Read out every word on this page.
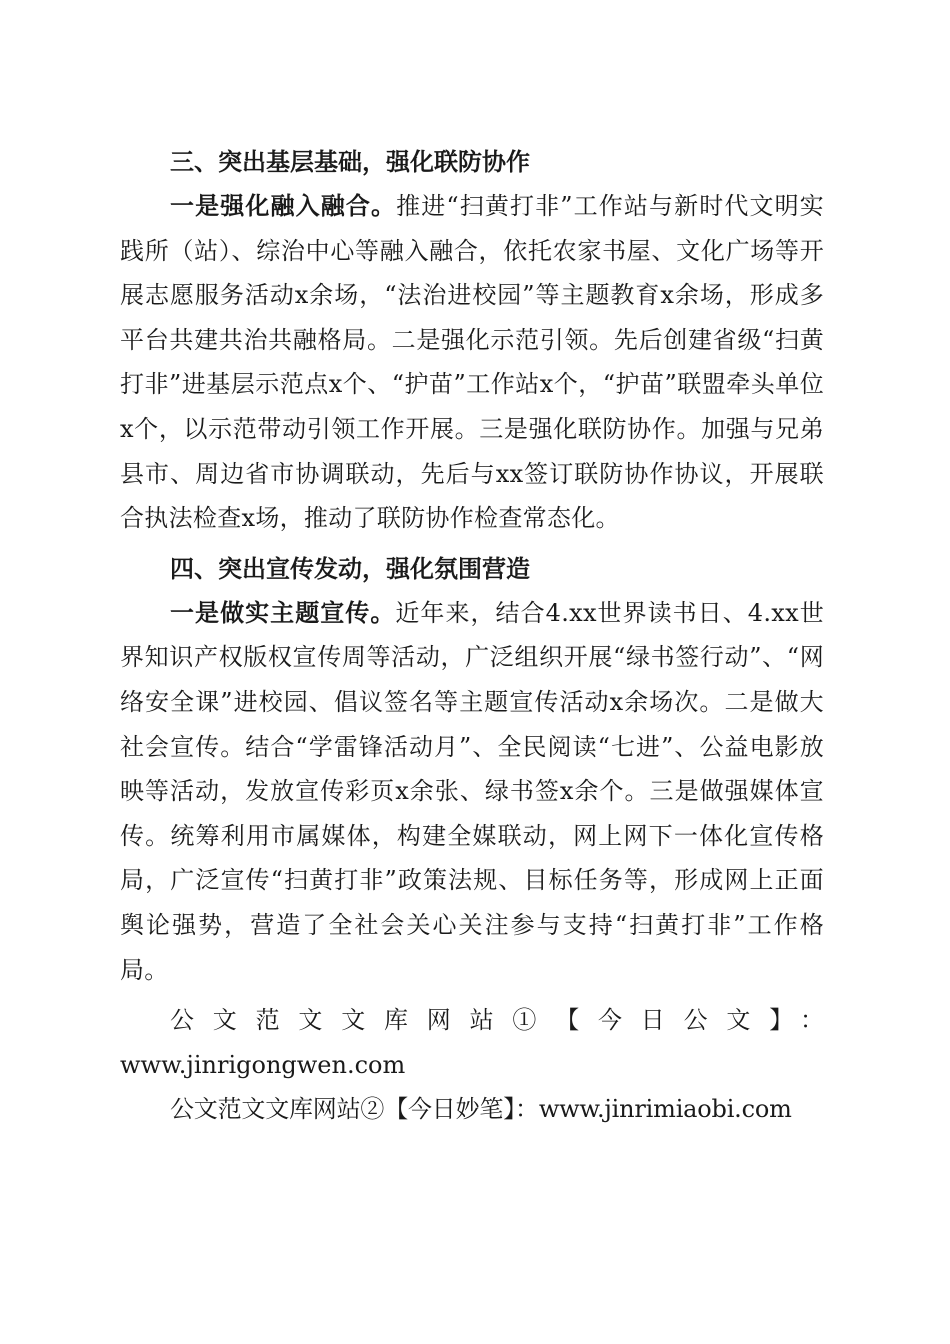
三、突出基层基础，强化联防协作

一是强化融入融合。推进“扫黄打非”工作站与新时代文明实践所（站）、综治中心等融入融合，依托农家书屋、文化广场等开展志愿服务活动x余场，“法治进校园”等主题教育x余场，形成多平台共建共治共融格局。二是强化示范引领。先后创建省级“扫黄打非”进基层示范点x个、“护苗”工作站x个，“护苗”联盟牵头单位x个，以示范带动引领工作开展。三是强化联防协作。加强与兄弟县市、周边省市协调联动，先后与xx签订联防协作协议，开展联合执法检查x场，推动了联防协作检查常态化。

四、突出宣传发动，强化氛围营造

一是做实主题宣传。近年来，结合4.xx世界读书日、4.xx世界知识产权版权宣传周等活动，广泛组织开展“绿书签行动”、“网络安全课”进校园、倡议签名等主题宣传活动x余场次。二是做大社会宣传。结合“学雷锋活动月”、全民阅读“七进”、公益电影放映等活动，发放宣传彩页x余张、绿书签x余个。三是做强媒体宣传。统筹利用市属媒体，构建全媒联动，网上网下一体化宣传格局，广泛宣传“扫黄打非”政策法规、目标任务等，形成网上正面舆论强势，营造了全社会关心关注参与支持“扫黄打非”工作格局。

公文范文文库网站①【今日公文】：

www.jinrigongwen.com

公文范文文库网站②【今日妙笔】：www.jinrimiaobi.com
